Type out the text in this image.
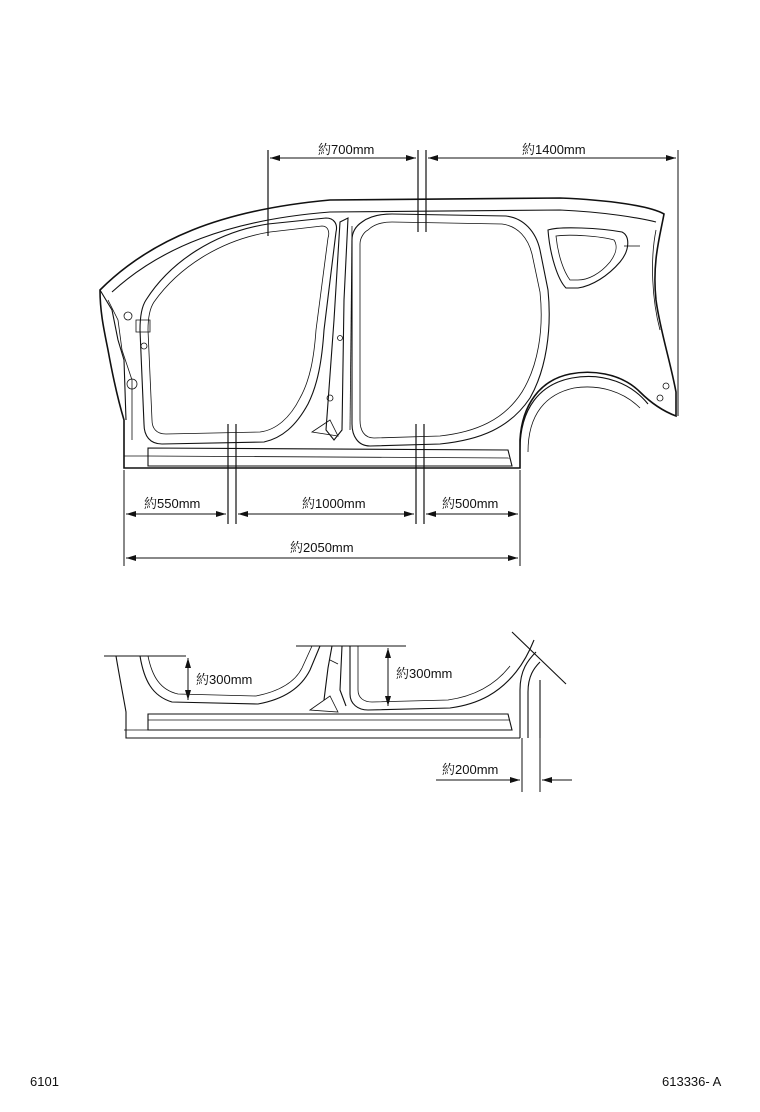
約700mm	約1400mm
約550mm	約1000mm	約500mm
約2050mm
約300mm	約300mm
約200mm
6101	613336- A
